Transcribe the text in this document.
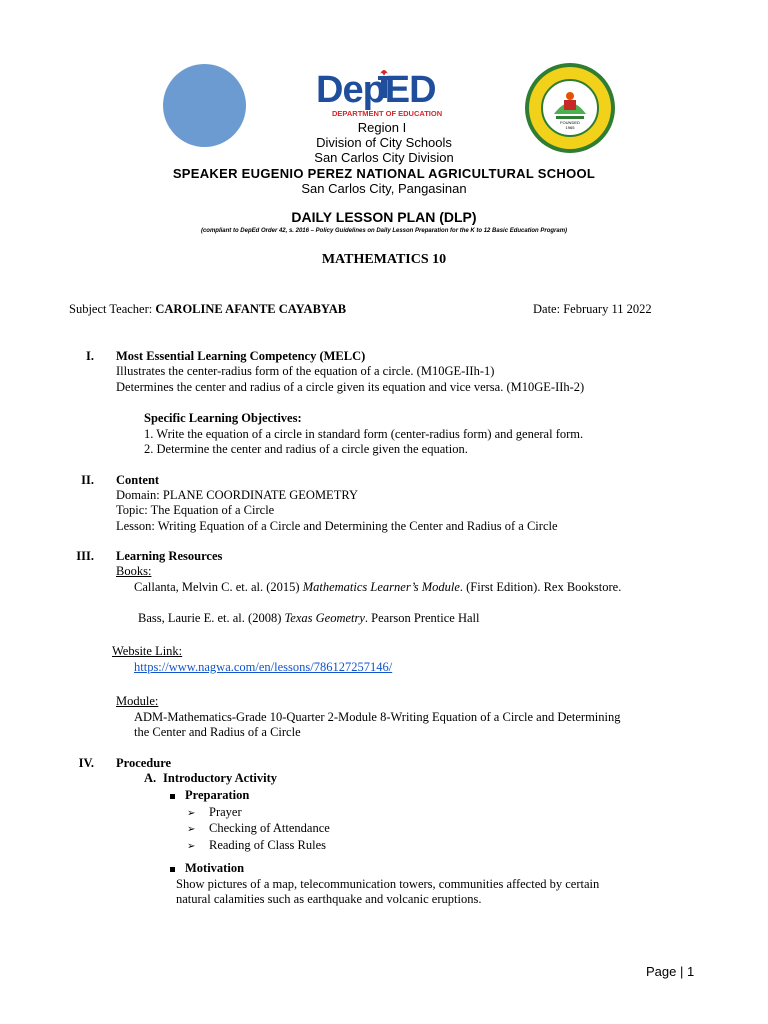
DepED
DEPARTMENT OF EDUCATION
FOUNDED 1965
Region I
Division of City Schools
San Carlos City Division
SPEAKER EUGENIO PEREZ NATIONAL AGRICULTURAL SCHOOL
San Carlos City, Pangasinan
DAILY LESSON PLAN (DLP)
(compliant to DepEd Order 42, s. 2016 – Policy Guidelines on Daily Lesson Preparation for the K to 12 Basic Education Program)
MATHEMATICS 10
Subject Teacher: CAROLINE AFANTE CAYABYAB	Date: February 11 2022
I. Most Essential Learning Competency (MELC)
Illustrates the center-radius form of the equation of a circle. (M10GE-IIh-1)
Determines the center and radius of a circle given its equation and vice versa. (M10GE-IIh-2)
Specific Learning Objectives:
1. Write the equation of a circle in standard form (center-radius form) and general form.
2. Determine the center and radius of a circle given the equation.
II. Content
Domain: PLANE COORDINATE GEOMETRY
Topic: The Equation of a Circle
Lesson: Writing Equation of a Circle and Determining the Center and Radius of a Circle
III. Learning Resources
Books:
Callanta, Melvin C. et. al. (2015) Mathematics Learner’s Module. (First Edition). Rex Bookstore.
Bass, Laurie E. et. al. (2008) Texas Geometry. Pearson Prentice Hall
Website Link:
https://www.nagwa.com/en/lessons/786127257146/
Module:
ADM-Mathematics-Grade 10-Quarter 2-Module 8-Writing Equation of a Circle and Determining
the Center and Radius of a Circle
IV. Procedure
A. Introductory Activity
Preparation
➢ Prayer
➢ Checking of Attendance
➢ Reading of Class Rules
Motivation
Show pictures of a map, telecommunication towers, communities affected by certain
natural calamities such as earthquake and volcanic eruptions.
Page | 1
